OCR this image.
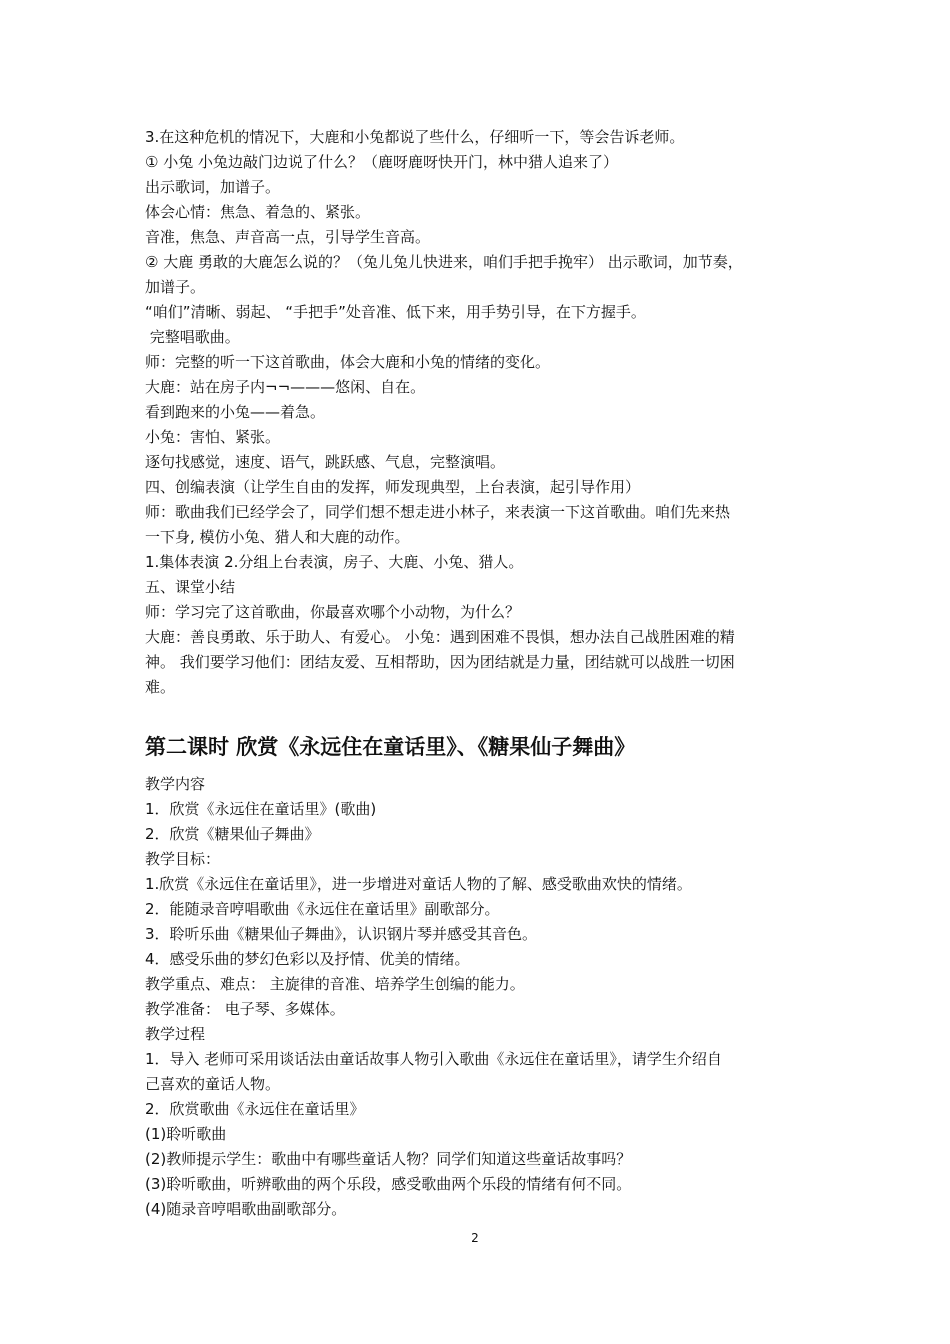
3.在这种危机的情况下，大鹿和小兔都说了些什么，仔细听一下，等会告诉老师。

① 小兔 小兔边敲门边说了什么？（鹿呀鹿呀快开门，林中猎人追来了）

出示歌词，加谱子。

体会心情：焦急、着急的、紧张。

音准，焦急、声音高一点，引导学生音高。

② 大鹿 勇敢的大鹿怎么说的？（兔儿兔儿快进来，咱们手把手挽牢） 出示歌词，加节奏，

加谱子。

“咱们”清晰、弱起、 “手把手”处音准、低下来，用手势引导，在下方握手。

完整唱歌曲。

师：完整的听一下这首歌曲，体会大鹿和小兔的情绪的变化。

大鹿：站在房子内¬¬———悠闲、自在。

看到跑来的小兔——着急。

小兔：害怕、紧张。

逐句找感觉，速度、语气，跳跃感、气息，完整演唱。

四、创编表演（让学生自由的发挥，师发现典型，上台表演，起引导作用）

师：歌曲我们已经学会了，同学们想不想走进小林子，来表演一下这首歌曲。咱们先来热

一下身, 模仿小兔、猎人和大鹿的动作。

1.集体表演 2.分组上台表演，房子、大鹿、小兔、猎人。

五、课堂小结

师：学习完了这首歌曲，你最喜欢哪个小动物，为什么？

大鹿：善良勇敢、乐于助人、有爱心。 小兔：遇到困难不畏惧，想办法自己战胜困难的精

神。 我们要学习他们：团结友爱、互相帮助，因为团结就是力量，团结就可以战胜一切困

难。

第二课时 欣赏《永远住在童话里》、《糖果仙子舞曲》

教学内容

1．欣赏《永远住在童话里》(歌曲)

2．欣赏《糖果仙子舞曲》

教学目标：

1.欣赏《永远住在童话里》，进一步增进对童话人物的了解、感受歌曲欢快的情绪。

2．能随录音哼唱歌曲《永远住在童话里》副歌部分。

3．聆听乐曲《糖果仙子舞曲》，认识钢片琴并感受其音色。

4．感受乐曲的梦幻色彩以及抒情、优美的情绪。

教学重点、难点： 主旋律的音准、培养学生创编的能力。

教学准备： 电子琴、多媒体。

教学过程

1．导入 老师可采用谈话法由童话故事人物引入歌曲《永远住在童话里》，请学生介绍自

己喜欢的童话人物。

2．欣赏歌曲《永远住在童话里》

(1)聆听歌曲

(2)教师提示学生：歌曲中有哪些童话人物？同学们知道这些童话故事吗？

(3)聆听歌曲，听辨歌曲的两个乐段，感受歌曲两个乐段的情绪有何不同。

(4)随录音哼唱歌曲副歌部分。

2
